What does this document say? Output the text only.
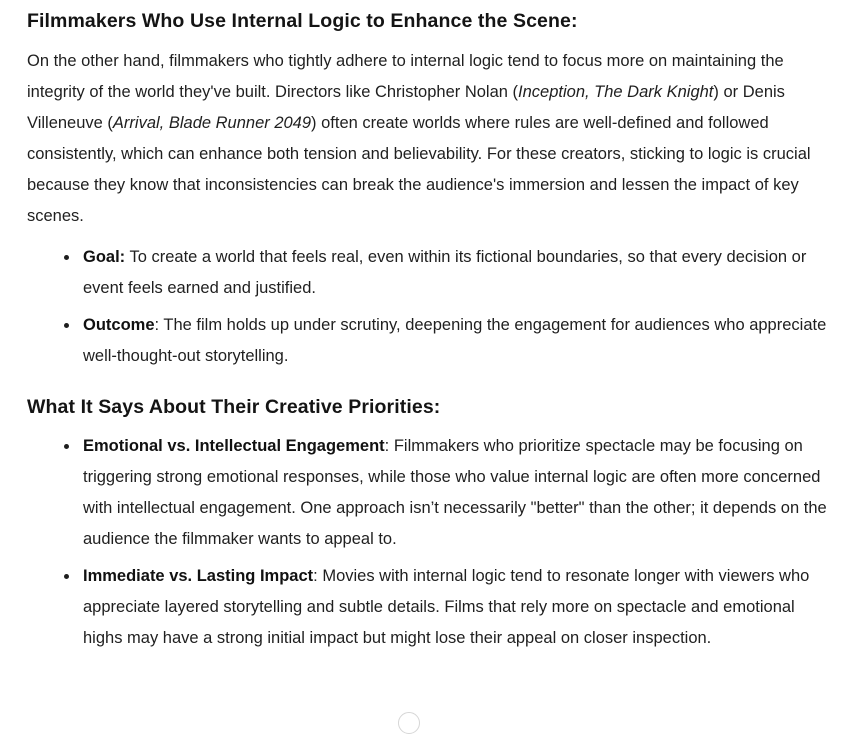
Filmmakers Who Use Internal Logic to Enhance the Scene:

On the other hand, filmmakers who tightly adhere to internal logic tend to focus more on maintaining the integrity of the world they've built. Directors like Christopher Nolan (Inception, The Dark Knight) or Denis Villeneuve (Arrival, Blade Runner 2049) often create worlds where rules are well-defined and followed consistently, which can enhance both tension and believability. For these creators, sticking to logic is crucial because they know that inconsistencies can break the audience's immersion and lessen the impact of key scenes.

Goal: To create a world that feels real, even within its fictional boundaries, so that every decision or event feels earned and justified.
Outcome: The film holds up under scrutiny, deepening the engagement for audiences who appreciate well-thought-out storytelling.
What It Says About Their Creative Priorities:
Emotional vs. Intellectual Engagement: Filmmakers who prioritize spectacle may be focusing on triggering strong emotional responses, while those who value internal logic are often more concerned with intellectual engagement. One approach isn’t necessarily "better" than the other; it depends on the audience the filmmaker wants to appeal to.
Immediate vs. Lasting Impact: Movies with internal logic tend to resonate longer with viewers who appreciate layered storytelling and subtle details. Films that rely more on spectacle and emotional highs may have a strong initial impact but might lose their appeal on closer inspection.
